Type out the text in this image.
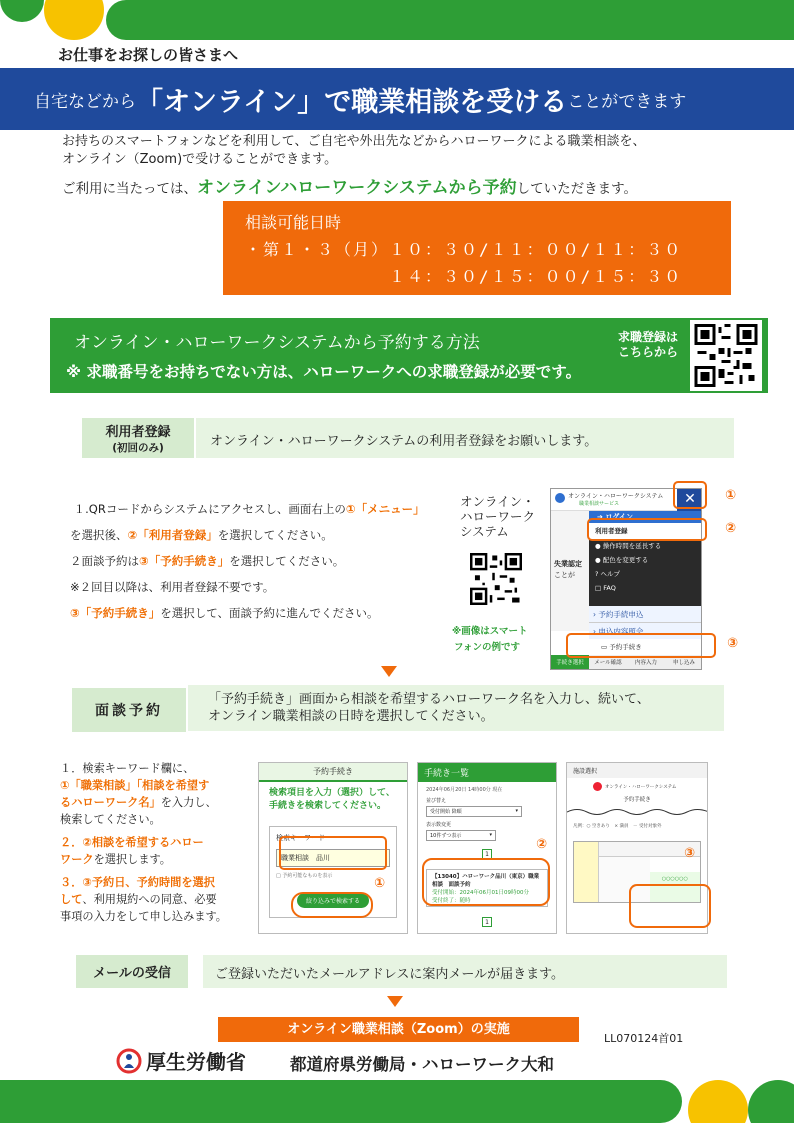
お仕事をお探しの皆さまへ
自宅などから 「オンライン」で職業相談を受ける ことができます
お持ちのスマートフォンなどを利用して、ご自宅や外出先などからハローワークによる職業相談を、
オンライン（Zoom)で受けることができます。
ご利用に当たっては、オンラインハローワークシステムから予約していただきます。
相談可能日時
・第１・３（月）１０：３０/１１：００/１１：３０
　　　　　　　　１４：３０/１５：００/１５：３０
オンライン・ハローワークシステムから予約する方法
※ 求職番号をお持ちでない方は、ハローワークへの求職登録が必要です。
求職登録は
こちらから
利用者登録
(初回のみ)	オンライン・ハローワークシステムの利用者登録をお願いします。
１.QRコードからシステムにアクセスし、画面右上の①「メニュー」
を選択後、②「利用者登録」を選択してください。
２面談予約は③「予約手続き」を選択してください。
※２回目以降は、利用者登録不要です。
③「予約手続き」を選択して、面談予約に進んでください。
オンライン・
ハローワーク
システム
※画像はスマート
フォンの例です
オンライン・ハローワークシステム
職業相談サービス	✕
失業認定
ことが
➔ ログイン
利用者登録
● 操作時間を延長する
● 配色を変更する
? ヘルプ
□ FAQ
› 予約手続申込
› 申込内容照会
▭ 予約手続き
手続き選択	メール確認	内容入力	申し込み
①
②
③
面談予約
「予約手続き」画面から相談を希望するハローワーク名を入力し、続いて、
オンライン職業相談の日時を選択してください。
１．検索キーワード欄に、
①「職業相談」「相談を希望す
るハローワーク名」を入力し、
検索してください。
２．②相談を希望するハロー
ワークを選択します。
３．③予約日、予約時間を選択
して、利用規約への同意、必要
事項の入力をして申し込みます。
予約手続き
検索項目を入力（選択）して、手続きを検索してください。
検索キーワード
職業相談　品川
□ 予約可能なものを表示
絞り込みで検索する
①
手続き一覧
2024年06月20日 14時00分 現在
並び替え
受付開始 降順	▾
表示数変更
10件ずつ表示	▾
1
【13040】ハローワーク品川（東京）職業相談　面談予約
受付開始：2024年06月01日09時00分
受付終了：随時
1
②
施設選択
オンライン・ハローワークシステム
予約手続き
凡例：○ 空きあり　× 満員　－ 受付対象外
○○○○○○
③
メールの受信	ご登録いただいたメールアドレスに案内メールが届きます。
オンライン職業相談（Zoom）の実施
LL070124首01
厚生労働省	都道府県労働局・ハローワーク大和
